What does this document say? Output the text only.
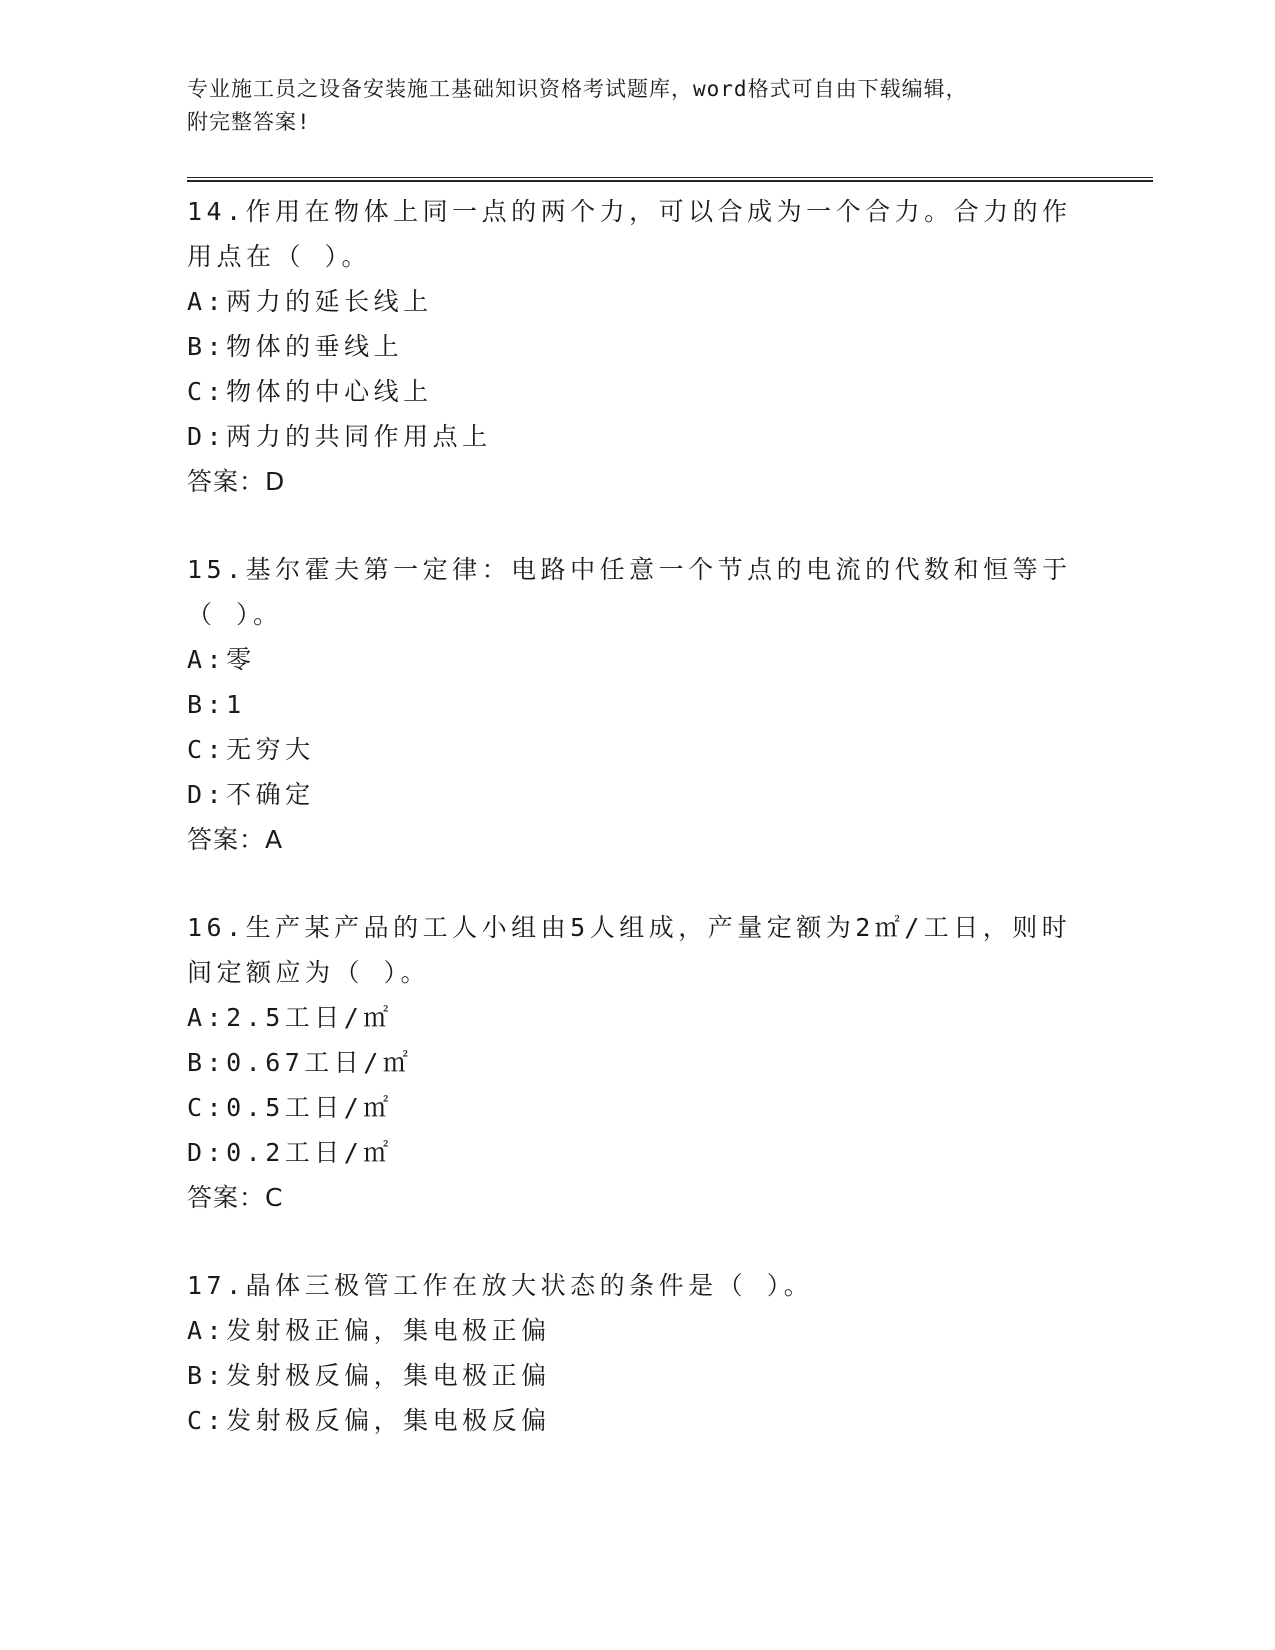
专业施工员之设备安装施工基础知识资格考试题库，word格式可自由下载编辑，
附完整答案!
14.作用在物体上同一点的两个力，可以合成为一个合力。合力的作用点在（ ）。
A:两力的延长线上
B:物体的垂线上
C:物体的中心线上
D:两力的共同作用点上
答案：D
15.基尔霍夫第一定律：电路中任意一个节点的电流的代数和恒等于（ ）。
A:零
B:1
C:无穷大
D:不确定
答案：A
16.生产某产品的工人小组由5人组成，产量定额为2㎡/工日，则时间定额应为（ ）。
A:2.5工日/㎡
B:0.67工日/㎡
C:0.5工日/㎡
D:0.2工日/㎡
答案：C
17.晶体三极管工作在放大状态的条件是（ ）。
A:发射极正偏，集电极正偏
B:发射极反偏，集电极正偏
C:发射极反偏，集电极反偏
